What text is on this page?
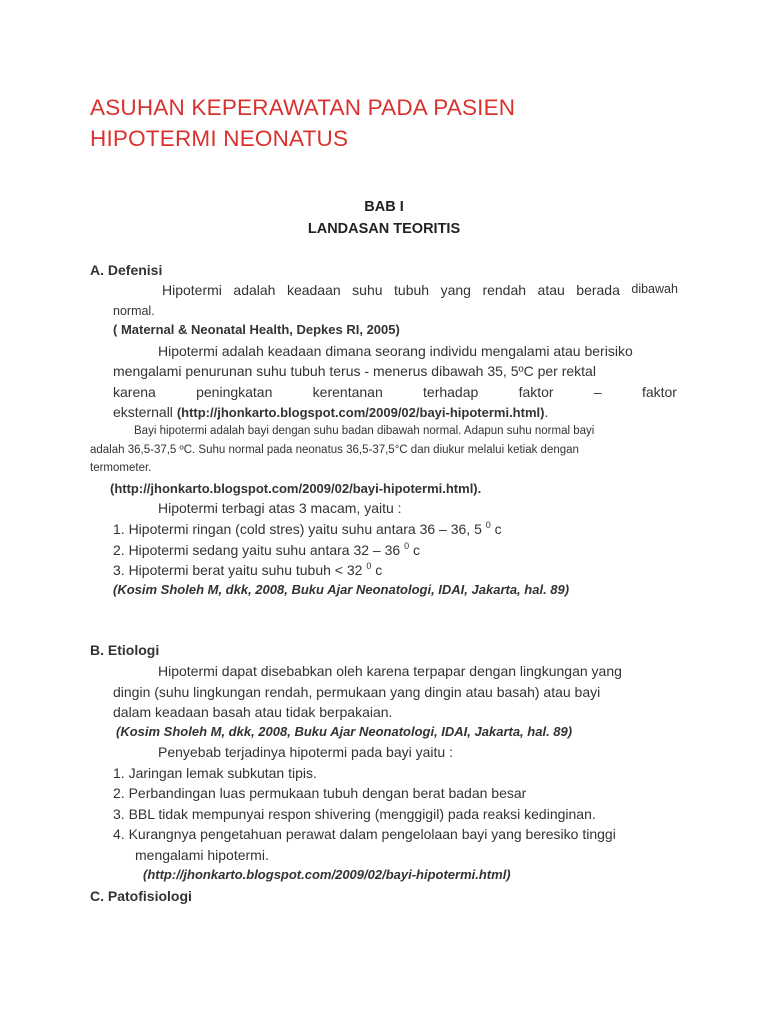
ASUHAN KEPERAWATAN PADA PASIEN
HIPOTERMI NEONATUS
BAB I
LANDASAN TEORITIS
A. Defenisi
Hipotermi adalah keadaan suhu tubuh yang rendah atau berada dibawah
normal.
( Maternal & Neonatal Health, Depkes RI, 2005)
Hipotermi adalah keadaan dimana seorang individu mengalami atau berisiko
mengalami penurunan suhu tubuh terus - menerus dibawah 35, 5ºC per rektal
karena	peningkatan	kerentanan	terhadap	faktor	–	faktor
eksternall (http://jhonkarto.blogspot.com/2009/02/bayi-hipotermi.html).
Bayi hipotermi adalah bayi dengan suhu badan dibawah normal. Adapun suhu normal bayi
adalah 36,5-37,5 ºC. Suhu normal pada neonatus 36,5-37,5°C dan diukur melalui ketiak dengan
termometer.
(http://jhonkarto.blogspot.com/2009/02/bayi-hipotermi.html).
Hipotermi terbagi atas 3 macam, yaitu :
1. Hipotermi ringan (cold stres) yaitu suhu antara 36 – 36, 5 $^0$ c
2. Hipotermi sedang yaitu suhu antara 32 – 36 $^0$ c
3. Hipotermi berat yaitu suhu tubuh < 32 $^0$ c
(Kosim Sholeh M, dkk, 2008, Buku Ajar Neonatologi, IDAI, Jakarta, hal. 89)
B. Etiologi
Hipotermi dapat disebabkan oleh karena terpapar dengan lingkungan yang
dingin (suhu lingkungan rendah, permukaan yang dingin atau basah) atau bayi
dalam keadaan basah atau tidak berpakaian.
(Kosim Sholeh M, dkk, 2008, Buku Ajar Neonatologi, IDAI, Jakarta, hal. 89)
Penyebab terjadinya hipotermi pada bayi yaitu :
1. Jaringan lemak subkutan tipis.
2. Perbandingan luas permukaan tubuh dengan berat badan besar
3. BBL tidak mempunyai respon shivering (menggigil) pada reaksi kedinginan.
4. Kurangnya pengetahuan perawat dalam pengelolaan bayi yang beresiko tinggi
mengalami hipotermi.
(http://jhonkarto.blogspot.com/2009/02/bayi-hipotermi.html)
C. Patofisiologi
